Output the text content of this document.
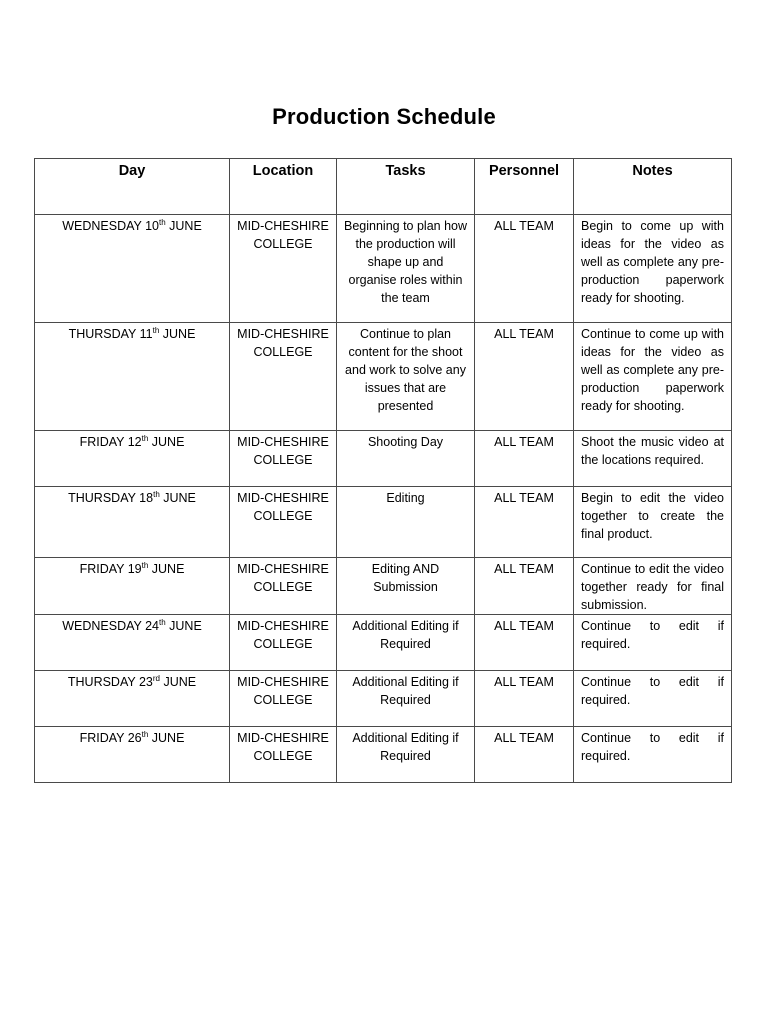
Production Schedule
Day	Location	Tasks	Personnel	Notes
WEDNESDAY 10th JUNE	MID-CHESHIRE COLLEGE	Beginning to plan how the production will shape up and organise roles within the team	ALL TEAM	Begin to come up with ideas for the video as well as complete any pre-production paperwork ready for shooting.
THURSDAY 11th JUNE	MID-CHESHIRE COLLEGE	Continue to plan content for the shoot and work to solve any issues that are presented	ALL TEAM	Continue to come up with ideas for the video as well as complete any pre-production paperwork ready for shooting.
FRIDAY 12th JUNE	MID-CHESHIRE COLLEGE	Shooting Day	ALL TEAM	Shoot the music video at the locations required.
THURSDAY 18th JUNE	MID-CHESHIRE COLLEGE	Editing	ALL TEAM	Begin to edit the video together to create the final product.
FRIDAY 19th JUNE	MID-CHESHIRE COLLEGE	Editing AND Submission	ALL TEAM	Continue to edit the video together ready for final submission.
WEDNESDAY 24th JUNE	MID-CHESHIRE COLLEGE	Additional Editing if Required	ALL TEAM	Continue to edit if required.
THURSDAY 23rd JUNE	MID-CHESHIRE COLLEGE	Additional Editing if Required	ALL TEAM	Continue to edit if required.
FRIDAY 26th JUNE	MID-CHESHIRE COLLEGE	Additional Editing if Required	ALL TEAM	Continue to edit if required.
